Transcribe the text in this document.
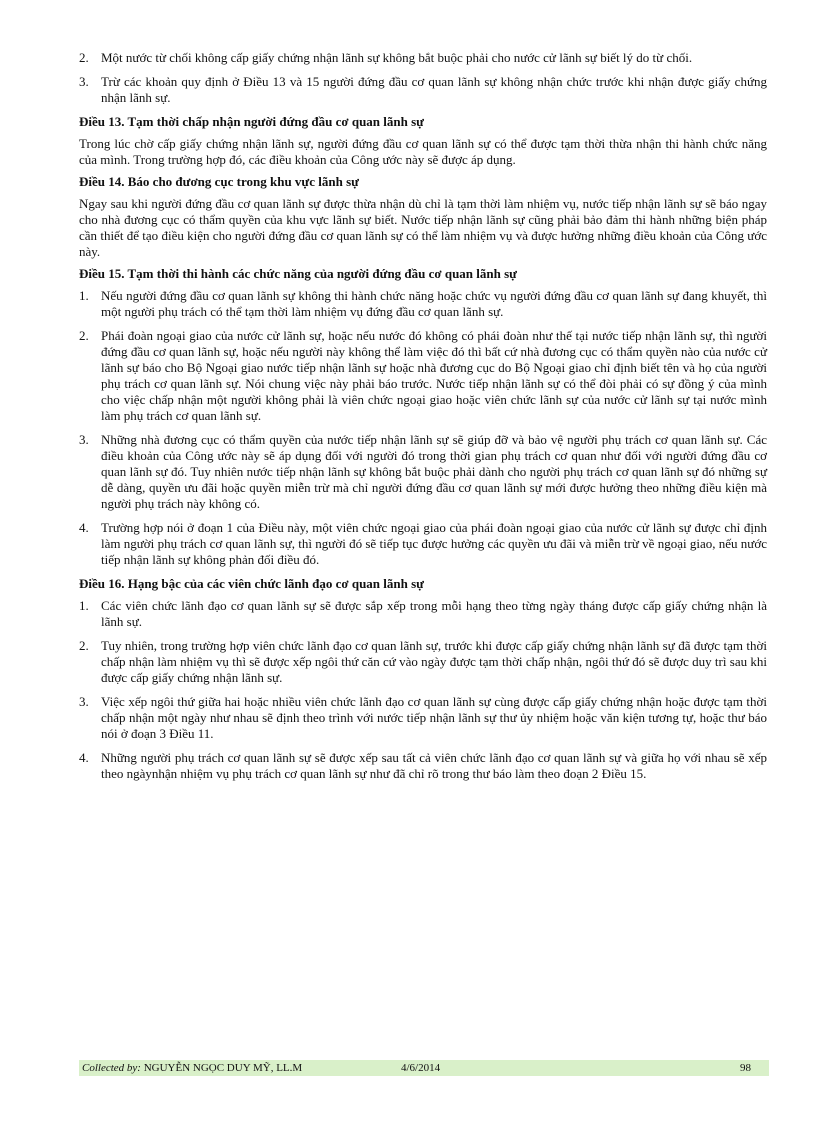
2. Một nước từ chối không cấp giấy chứng nhận lãnh sự không bắt buộc phải cho nước cử lãnh sự biết lý do từ chối.
3. Trừ các khoản quy định ở Điều 13 và 15 người đứng đầu cơ quan lãnh sự không nhận chức trước khi nhận được giấy chứng nhận lãnh sự.
Điều 13. Tạm thời chấp nhận người đứng đầu cơ quan lãnh sự

Trong lúc chờ cấp giấy chứng nhận lãnh sự, người đứng đầu cơ quan lãnh sự có thể được tạm thời thừa nhận thi hành chức năng của mình. Trong trường hợp đó, các điều khoản của Công ước này sẽ được áp dụng.

Điều 14. Báo cho đương cục trong khu vực lãnh sự

Ngay sau khi người đứng đầu cơ quan lãnh sự được thừa nhận dù chỉ là tạm thời làm nhiệm vụ, nước tiếp nhận lãnh sự sẽ báo ngay cho nhà đương cục có thẩm quyền của khu vực lãnh sự biết. Nước tiếp nhận lãnh sự cũng phải bảo đảm thi hành những biện pháp cần thiết để tạo điều kiện cho người đứng đầu cơ quan lãnh sự có thể làm nhiệm vụ và được hưởng những điều khoản của Công ước này.

Điều 15. Tạm thời thi hành các chức năng của người đứng đầu cơ quan lãnh sự
1. Nếu người đứng đầu cơ quan lãnh sự không thi hành chức năng hoặc chức vụ người đứng đầu cơ quan lãnh sự đang khuyết, thì một người phụ trách có thể tạm thời làm nhiệm vụ đứng đầu cơ quan lãnh sự.
2. Phái đoàn ngoại giao của nước cử lãnh sự, hoặc nếu nước đó không có phái đoàn như thế tại nước tiếp nhận lãnh sự, thì người đứng đầu cơ quan lãnh sự, hoặc nếu người này không thể làm việc đó thì bất cứ nhà đương cục có thẩm quyền nào của nước cử lãnh sự báo cho Bộ Ngoại giao nước tiếp nhận lãnh sự hoặc nhà đương cục do Bộ Ngoại giao chỉ định biết tên và họ của người phụ trách cơ quan lãnh sự. Nói chung việc này phải báo trước. Nước tiếp nhận lãnh sự có thể đòi phải có sự đồng ý của mình cho việc chấp nhận một người không phải là viên chức ngoại giao hoặc viên chức lãnh sự của nước cử lãnh sự tại nước mình làm phụ trách cơ quan lãnh sự.
3. Những nhà đương cục có thẩm quyền của nước tiếp nhận lãnh sự sẽ giúp đỡ và bảo vệ người phụ trách cơ quan lãnh sự. Các điều khoản của Công ước này sẽ áp dụng đối với người đó trong thời gian phụ trách cơ quan như đối với người đứng đầu cơ quan lãnh sự đó. Tuy nhiên nước tiếp nhận lãnh sự không bắt buộc phải dành cho người phụ trách cơ quan lãnh sự đó những sự dễ dàng, quyền ưu đãi hoặc quyền miễn trừ mà chỉ người đứng đầu cơ quan lãnh sự mới được hưởng theo những điều kiện mà người phụ trách này không có.
4. Trường hợp nói ở đoạn 1 của Điều này, một viên chức ngoại giao của phái đoàn ngoại giao của nước cử lãnh sự được chỉ định làm người phụ trách cơ quan lãnh sự, thì người đó sẽ tiếp tục được hưởng các quyền ưu đãi và miễn trừ về ngoại giao, nếu nước tiếp nhận lãnh sự không phản đối điều đó.
Điều 16. Hạng bậc của các viên chức lãnh đạo cơ quan lãnh sự
1. Các viên chức lãnh đạo cơ quan lãnh sự sẽ được sắp xếp trong mỗi hạng theo từng ngày tháng được cấp giấy chứng nhận là lãnh sự.
2. Tuy nhiên, trong trường hợp viên chức lãnh đạo cơ quan lãnh sự, trước khi được cấp giấy chứng nhận lãnh sự đã được tạm thời chấp nhận làm nhiệm vụ thì sẽ được xếp ngôi thứ căn cứ vào ngày được tạm thời chấp nhận, ngôi thứ đó sẽ được duy trì sau khi được cấp giấy chứng nhận lãnh sự.
3. Việc xếp ngôi thứ giữa hai hoặc nhiều viên chức lãnh đạo cơ quan lãnh sự cùng được cấp giấy chứng nhận hoặc được tạm thời chấp nhận một ngày như nhau sẽ định theo trình với nước tiếp nhận lãnh sự thư ủy nhiệm hoặc văn kiện tương tự, hoặc thư báo nói ở đoạn 3 Điều 11.
4. Những người phụ trách cơ quan lãnh sự sẽ được xếp sau tất cả viên chức lãnh đạo cơ quan lãnh sự và giữa họ với nhau sẽ xếp theo ngàynhận nhiệm vụ phụ trách cơ quan lãnh sự như đã chỉ rõ trong thư báo làm theo đoạn 2 Điều 15.
Collected by: NGUYỄN NGỌC DUY MỸ, LL.M	4/6/2014	98
